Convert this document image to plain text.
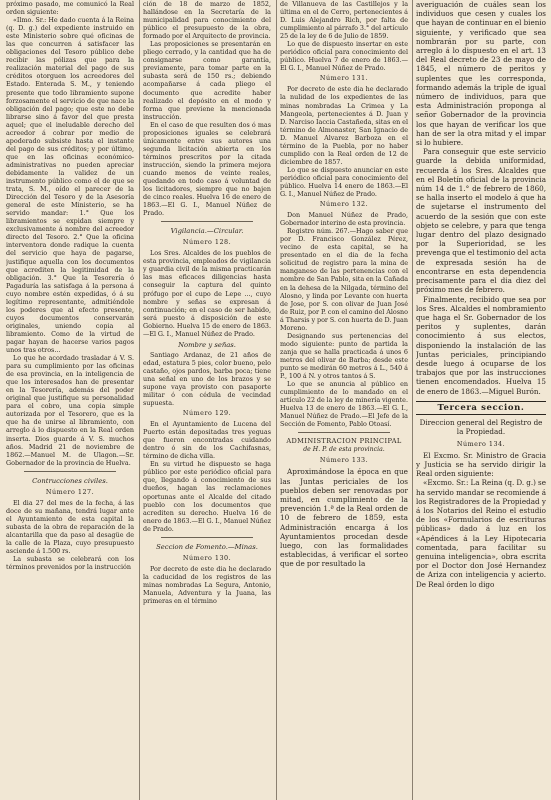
próximo pasado, me comunicó la Real orden siguiente:

«Ilmo. Sr.: He dado cuenta á la Reina (q. D. g.) del expediente instruido en este Ministerio sobre qué oficinas de las que concurren á satisfacer las obligaciones del Tesoro público debe recibir las pólizas que para la realización material del pago de sus créditos otorguen los acreedores del Estado. Enterada S. M., y teniendo presente que todo libramiento supone forzosamente el servicio de que nace la obligación del pago; que este no debe librarse sino á favor del que presta aquel; que el ineludable derecho del acreedor á cobrar por medio de apoderado subsiste hasta el instante del pago de sus créditos; y por último, que en las oficinas económico-administrativas no pueden apreciar debidamente la validez de un instrumento público como el de que se trata, S. M., oído el parecer de la Dirección del Tesoro y de la Asesoría general de este Ministerio, se ha servido mandar: 1.° Que los libramientos se expidan siempre y exclusivamente á nombre del acreedor directo del Tesoro. 2.° Que la oficina interventora donde radique la cuenta del servicio que haya de pagarse, justifique aquella con los documentos que acrediten la legitimidad de la obligación. 3.° Que la Tesorería ó Pagaduría las satisfaga á la persona á cuyo nombre estén expedidas, ó á su legítimo representante, admitiéndole los poderes que al efecto presente, cuyos documentos conservarán originales, uniendo copia al libramiento. Como de la virtud de pagar hayan de hacerse varios pagos unos tras otros...

Lo que he acordado trasladar á V. S. para su cumplimiento por las oficinas de esa provincia, en la inteligencia de que los interesados han de presentar en la Tesorería, además del poder original que justifique su personalidad para el cobro, una copia simple autorizada por el Tesorero, que es la que ha de unirse al libramiento, con arreglo á lo dispuesto en la Real orden inserta. Dios guarde á V. S. muchos años. Madrid 21 de noviembre de 1862.—Manuel M. de Ulagon.—Sr. Gobernador de la provincia de Huelva.

Contrucciones civiles.
Número 127.

El dia 27 del mes de la fecha, á las doce de su mañana, tendrá lugar ante el Ayuntamiento de esta capital la subasta de la obra de reparación de la alcantarilla que da paso al desagüe de la calle de la Plaza, cuyo presupuesto asciende á 1.500 rs.

La subasta se celebrará con los términos prevenidos por la instrucción

ción de 18 de marzo de 1852, hallándose en la Secretaría de la municipalidad para conocimiento del público el presupuesto de la obra, formado por el Arquitecto de provincia.

Las proposiciones se presentarán en pliego cerrado, y la cantidad que ha de consignarse como garantía, previamente, para tomar parte en la subasta será de 150 rs.; debiendo acompañarse á cada pliego el documento que acredite haber realizado el depósito en el modo y forma que previene la mencionada instrucción.

En el caso de que resulten dos ó mas proposiciones iguales se celebrará únicamente entre sus autores una segunda licitación abierta en los términos prescritos por la citada instrucción, siendo la primera mejora cuando menos de veinte reales, quedando en todo caso á voluntad de los licitadores, siempre que no bajen de cinco reales. Huelva 16 de enero de 1863.—El G. I., Manuel Núñez de Prado.

Vigilancia.—Circular.
Número 128.

Los Sres. Alcaldes de los pueblos de esta provincia, empleados de vigilancia y guardia civil de la misma practicarán las mas eficaces diligencias hasta conseguir la captura del quinto prófugo por el cupo de Lepe ..., cuyo nombre y señas se expresan á continuación; en el caso de ser habido, será puesto á disposición de este Gobierno. Huelva 15 de enero de 1863.—El G. I., Manuel Núñez de Prado.

Nombre y señas.

Santiago Ardanaz, de 21 años de edad, estatura 5 pies, color bueno, pelo castaño, ojos pardos, barba poca; tiene una señal en uno de los brazos y se supone vaya provisto con pasaporte militar ó con cédula de vecindad supuesta.

Número 129.

En el Ayuntamiento de Lucena del Puerto están depositadas tres yeguas que fueron encontradas cuidando dentro ó sin de los Cachifasnas, término de dicha villa.

En su virtud he dispuesto se haga público por este periódico oficial para que, llegando á conocimiento de sus dueños, hagan las reclamaciones oportunas ante el Alcalde del citado pueblo con los documentos que acrediten su derecho. Huelva 16 de enero de 1863.—El G. I., Manuel Núñez de Prado.

Seccion de Fomento.—Minas.
Número 130.

Por decreto de este dia he declarado la caducidad de los registros de las minas nombradas La Segura, Antonio, Manuela, Adventura y la Juana, las primeras en el término

de Villanueva de las Castillejos y la última en el de Cerro, pertenecientes á D. Luis Alejandro Rich, por falta de cumplimiento al párrafo 3.° del artículo 25 de la ley de 6 de Julio de 1859.

Lo que de dispuesto insertar en este periódico oficial para conocimiento del público. Huelva 7 de enero de 1863.—El G. I., Manuel Núñez de Prado.

Número 131.

Por decreto de este dia he declarado la nulidad de los expedientes de las minas nombradas La Crimea y La Mangeola, pertenecientes á D. Juan y D. Narciso Iaccia Castañeda, sitas en el término de Almonaster, San Ignacio de D. Manuel Alvarez Barboza en el término de la Puebla, por no haber cumplido con la Real orden de 12 de diciembre de 1857.

Lo que se dispuesto anunciar en este periódico oficial para conocimiento del público. Huelva 14 enero de 1863.—El G. I., Manuel Núñez de Prado.

Número 132.

Don Manuel Núñez de Prado, Gobernador interino de esta provincia.

Registro núm. 267.—Hago saber que por D. Francisco González Pérez, vecino de esta capital, se ha presentado en el dia de la fecha solicitud de registro para la mina de manganeso de las pertenencias con el nombre de San Pablo, sita en la Cañada en la dehesa de la Nilgada, término del Alosno, y linda por Levante con huerta de Jose, por S. con olivar de Juan José de Ruiz, por P. con el camino del Alosno á Tharsis y por S. con huerta de D. Juan Moreno.

Designando sus pertenencias del modo siguiente: punto de partida la zanja que se halla practicada á unos 6 metros del olivar de Barba; desde este punto se medirán 60 metros á L., 540 á P., 100 á N. y otros tantos á S.

Lo que se anuncia al público en cumplimiento de lo mandado en el artículo 22 de la ley de minería vigente. Huelva 13 de enero de 1863.—El G. I., Manuel Núñez de Prado.—El Jefe de la Sección de Fomento, Pablo Otoasí.

ADMINISTRACION PRINCIPAL
de H. P. de esta provincia.
Número 133.

Aproximándose la época en que las Juntas periciales de los pueblos deben ser renovadas por mitad, en cumplimiento de la prevención 1.ª de la Real orden de 10 de febrero de 1859, esta Administración encarga á los Ayuntamientos procedan desde luego, con las formalidades establecidas, á verificar el sorteo que de por resultado la

averiguación de cuáles sean los individuos que cesen y cuales los que hayan de continuar en el bienio siguiente, y verificado que sea nombrarán por su parte, con arreglo á lo dispuesto en el art. 13 del Real decreto de 23 de mayo de 1845, el número de peritos y suplentes que les corresponda, formando además la triple de igual número de individuos, para que esta Administración proponga al señor Gobernador de la provincia los que hayan de verificar los que han de ser la otra mitad y el impar si lo hubiere.

Para conseguir que este servicio guarde la debida uniformidad, recuerda á los Sres. Alcaldes que en el Boletín oficial de la provincia núm 14 de 1.° de febrero de 1860, se halla inserto el modelo á que ha de sujetarse el instrumento del acuerdo de la sesión que con este objeto se celebre, y para que tenga lugar dentro del plazo designado por la Superioridad, se les prevenga que el testimonio del acta de expresada sesión ha de encontrarse en esta dependencia precisamente para el dia diez del próximo mes de febrero.

Finalmente, recibido que sea por los Sres. Alcaldes el nombramiento que haga el Sr. Gobernador de los peritos y suplentes, darán conocimiento á sus electos, disponiendo la instalación de las Juntas periciales, principiando desde luego á ocuparse de los trabajos que por las instrucciones tienen encomendados. Huelva 15 de enero de 1863.—Miguel Burón.

Tercera seccion.
Direccion general del Registro de la Propiedad.
Número 134.

El Excmo. Sr. Ministro de Gracia y Justicia se ha servido dirigir la Real orden siguiente:

«Excmo. Sr.: La Reina (q. D. g.) se ha servido mandar se recomiende á los Registradores de la Propiedad y á los Notarios del Reino el estudio de los «Formularios de escrituras públicas» dado á luz en los «Apéndices á la Ley Hipotecaria comentada, para facilitar su genuina inteligencia», obra escrita por el Doctor don José Hernandez de Ariza con inteligencia y acierto. De Real órden lo digo
